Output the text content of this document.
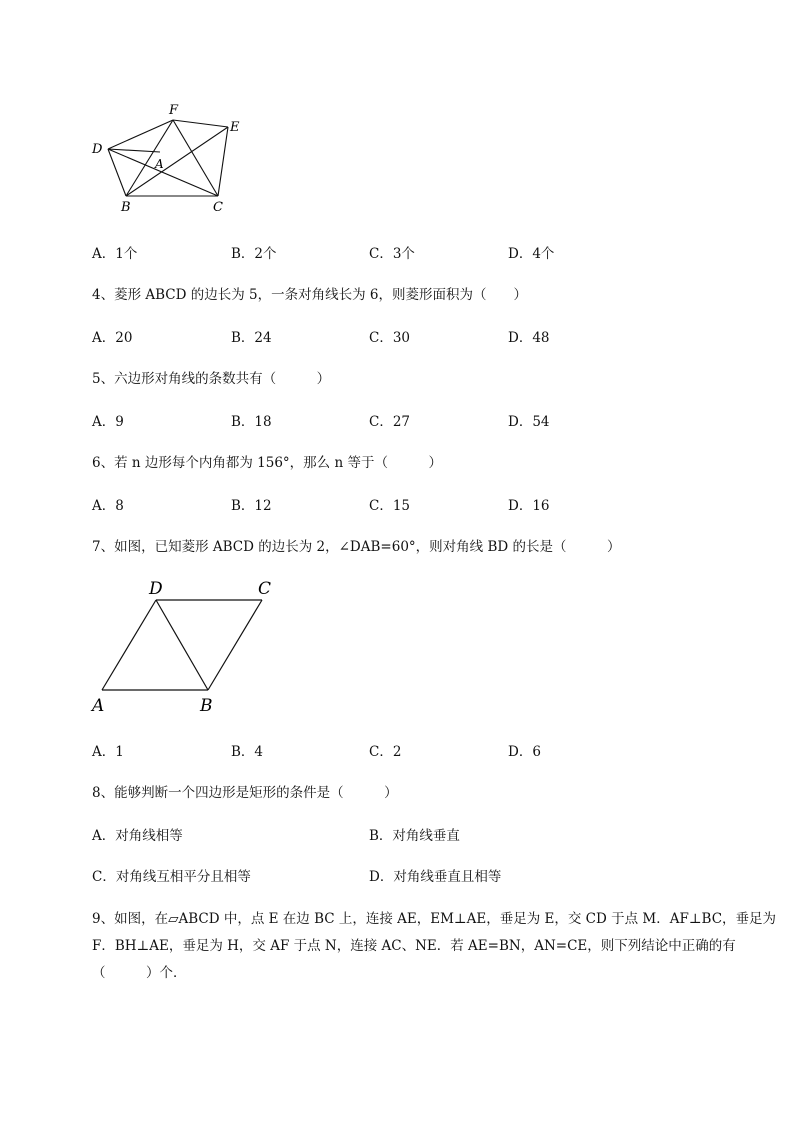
F
E
D
A
B	C
A．1个	B．2个	C．3个	D．4个
4、菱形 ABCD 的边长为 5，一条对角线长为 6，则菱形面积为（　　）
A．20	B．24	C．30	D．48
5、六边形对角线的条数共有（　　　）
A．9	B．18	C．27	D．54
6、若 n 边形每个内角都为 156°，那么 n 等于（　　　）
A．8	B．12	C．15	D．16
7、如图，已知菱形 ABCD 的边长为 2，∠DAB=60°，则对角线 BD 的长是（　　　）
D	C
A	B
A．1	B．4	C．2	D．6
8、能够判断一个四边形是矩形的条件是（　　　）
A．对角线相等	B．对角线垂直
C．对角线互相平分且相等	D．对角线垂直且相等
9、如图，在▱ABCD 中，点 E 在边 BC 上，连接 AE，EM⊥AE，垂足为 E，交 CD 于点 M．AF⊥BC，垂足为
F．BH⊥AE，垂足为 H，交 AF 于点 N，连接 AC、NE．若 AE=BN，AN=CE，则下列结论中正确的有
（　　　）个．
